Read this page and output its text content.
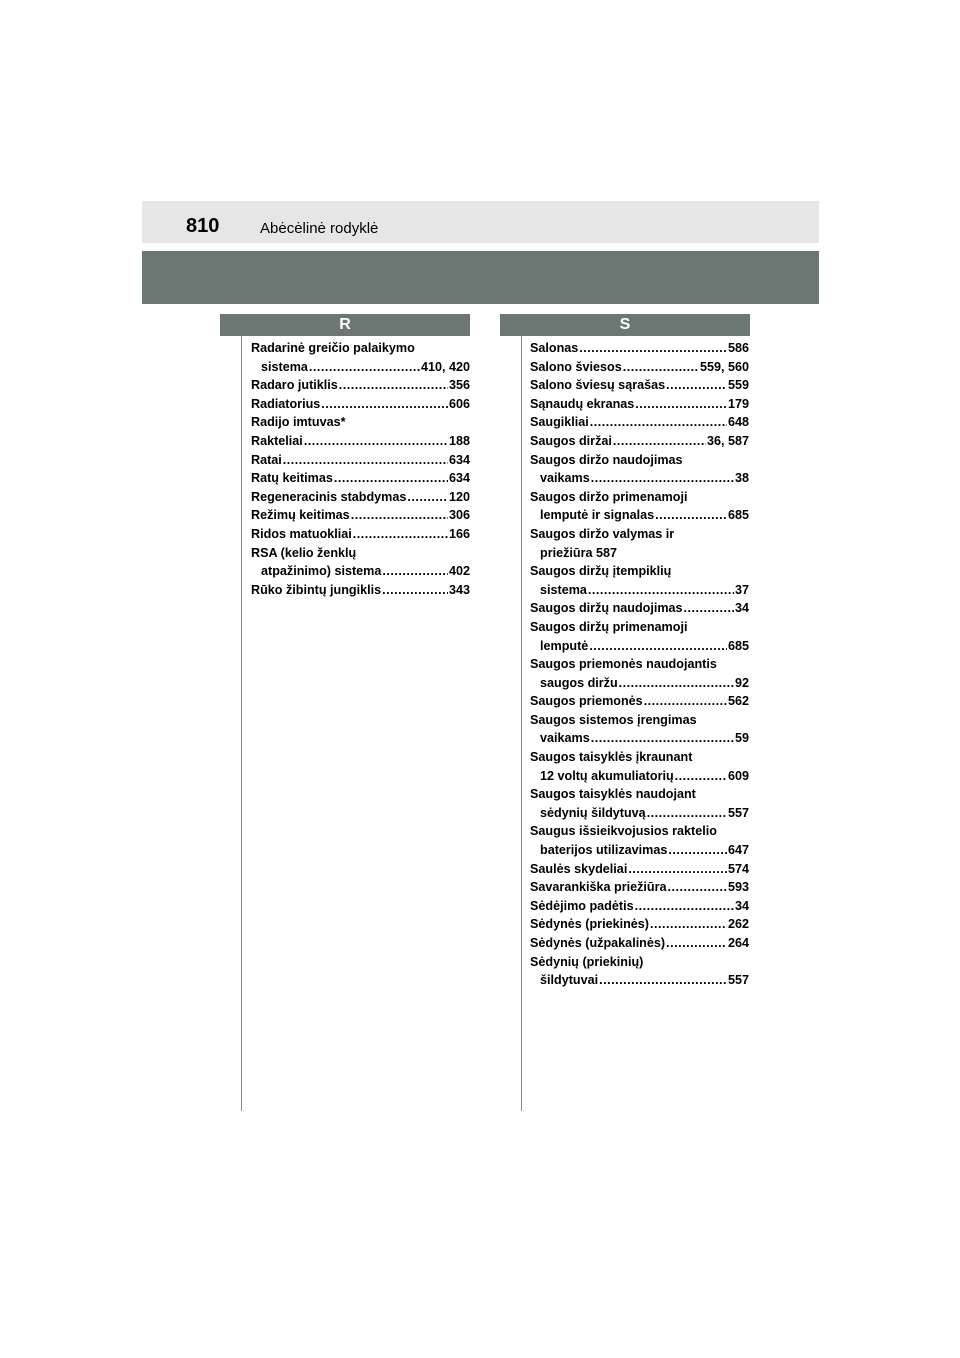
810	Abėcėlinė rodyklė
R	S
Radarinė greičio palaikymo
sistema .....	410, 420
Radaro jutiklis .....	356
Radiatorius .....	606
Radijo imtuvas*
Rakteliai .....	188
Ratai .....	634
Ratų keitimas .....	634
Regeneracinis stabdymas .....	120
Režimų keitimas .....	306
Ridos matuokliai .....	166
RSA (kelio ženklų
atpažinimo) sistema .....	402
Rūko žibintų jungiklis .....	343
Salonas .....	586
Salono šviesos .....	559, 560
Salono šviesų sąrašas .....	559
Sąnaudų ekranas .....	179
Saugikliai .....	648
Saugos diržai .....	36, 587
Saugos diržo naudojimas
vaikams .....	38
Saugos diržo primenamoji
lemputė ir signalas .....	685
Saugos diržo valymas ir
priežiūra 587
Saugos diržų įtempiklių
sistema .....	37
Saugos diržų naudojimas .....	34
Saugos diržų primenamoji
lemputė .....	685
Saugos priemonės naudojantis
saugos diržu .....	92
Saugos priemonės .....	562
Saugos sistemos įrengimas
vaikams .....	59
Saugos taisyklės įkraunant
12 voltų akumuliatorių .....	609
Saugos taisyklės naudojant
sėdynių šildytuvą .....	557
Saugus išsieikvojusios raktelio
baterijos utilizavimas .....	647
Saulės skydeliai .....	574
Savarankiška priežiūra .....	593
Sėdėjimo padėtis .....	34
Sėdynės (priekinės) .....	262
Sėdynės (užpakalinės) .....	264
Sėdynių (priekinių)
šildytuvai .....	557
